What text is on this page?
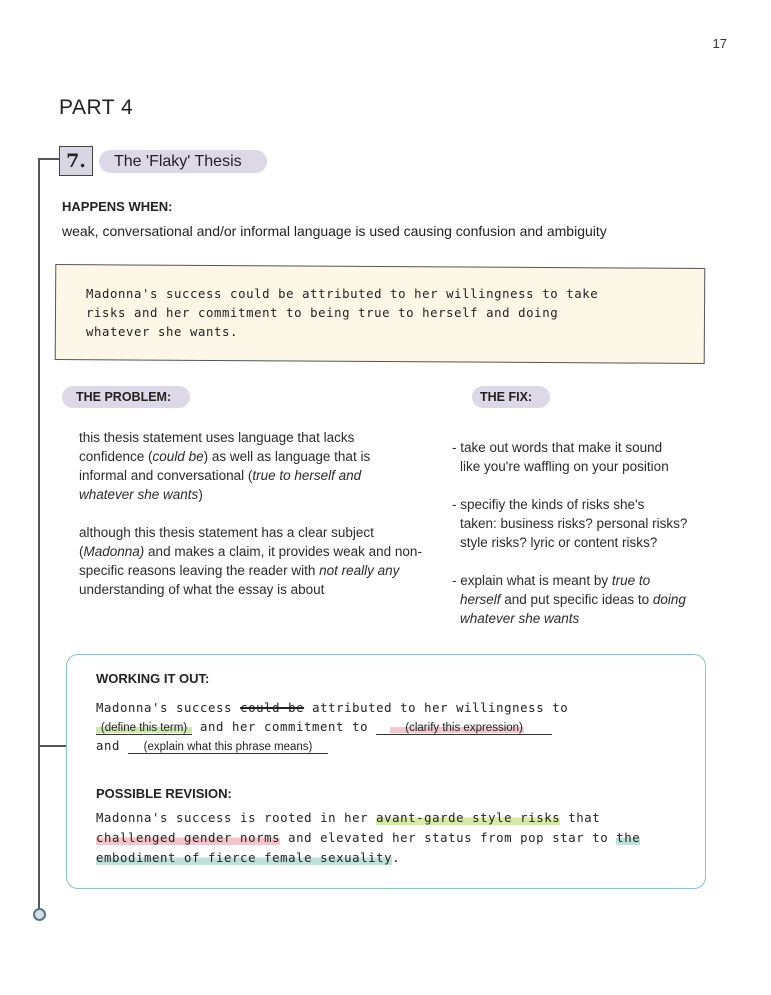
17
PART 4
7.	The 'Flaky' Thesis
HAPPENS WHEN:
weak, conversational and/or informal language is used causing confusion and ambiguity
Madonna's success could be attributed to her willingness to take
risks and her commitment to being true to herself and doing
whatever she wants.
THE PROBLEM:	THE FIX:
this thesis statement uses language that lacks confidence (could be) as well as language that is informal and conversational (true to herself and whatever she wants)
although this thesis statement has a clear subject (Madonna) and makes a claim, it provides weak and non-specific reasons leaving the reader with not really any understanding of what the essay is about
- take out words that make it sound
like you're waffling on your position
- specifiy the kinds of risks she's
taken: business risks? personal risks?
style risks? lyric or content risks?
- explain what is meant by true to
herself and put specific ideas to doing
whatever she wants
WORKING IT OUT:
Madonna's success could be attributed to her willingness to
(define this term) and her commitment to	(clarify this expression)
and (explain what this phrase means)
POSSIBLE REVISION:
Madonna's success is rooted in her avant-garde style risks that challenged gender norms and elevated her status from pop star to the embodiment of fierce female sexuality.
